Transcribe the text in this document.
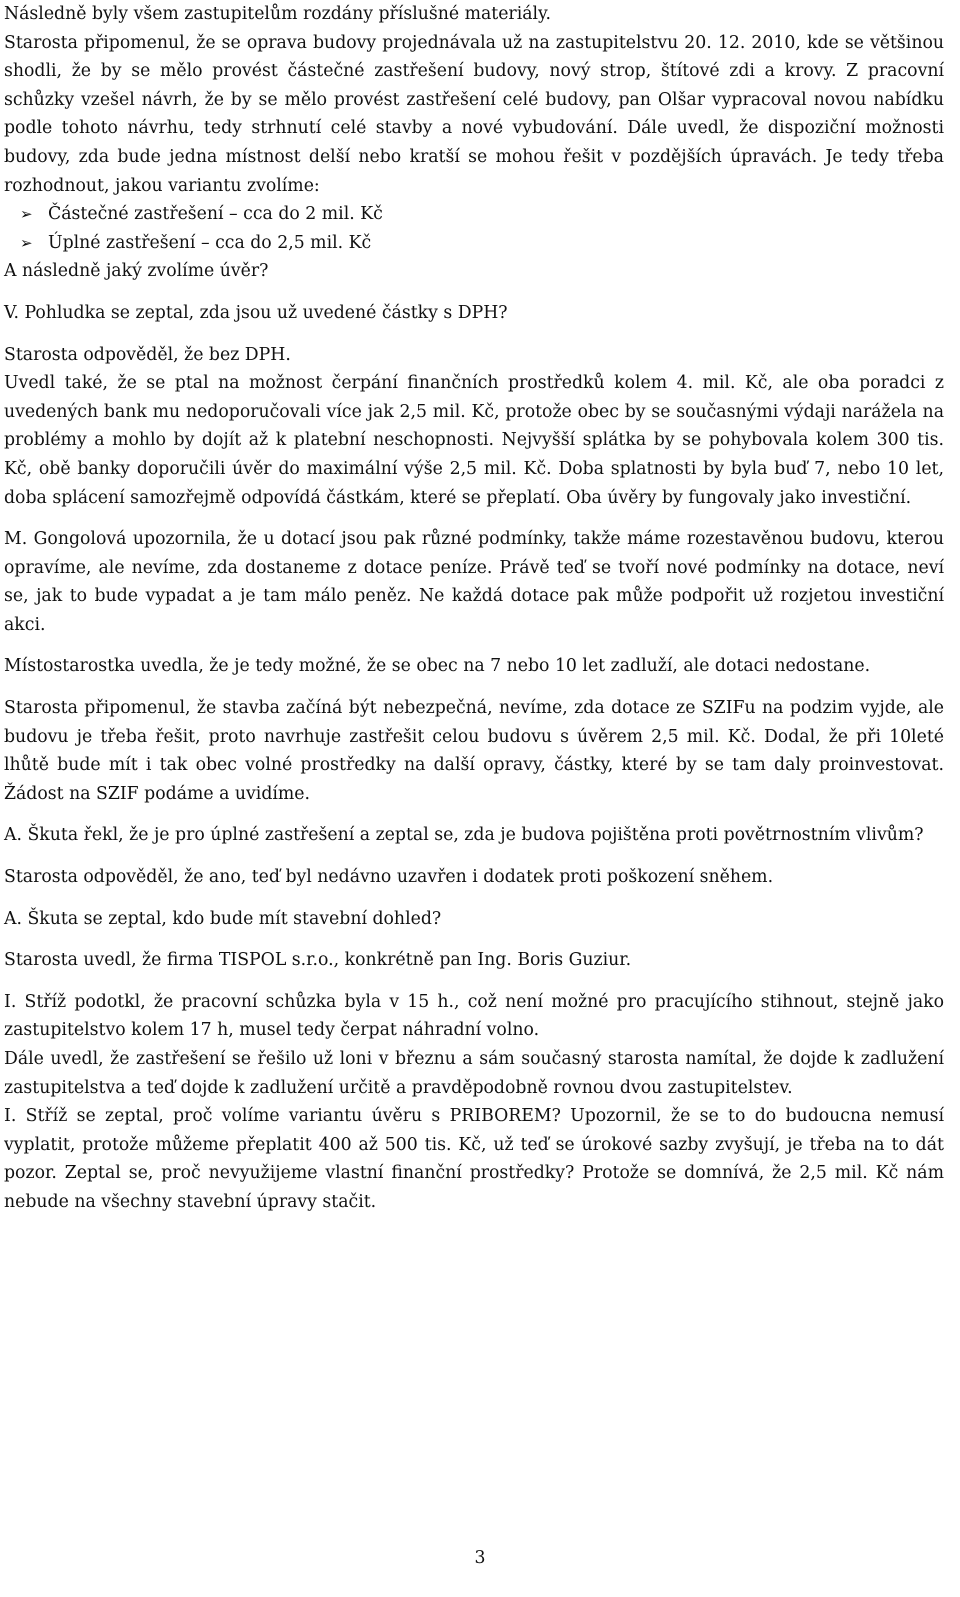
Následně byly všem zastupitelům rozdány příslušné materiály.

Starosta připomenul, že se oprava budovy projednávala už na zastupitelstvu 20. 12. 2010, kde se většinou shodli, že by se mělo provést částečné zastřešení budovy, nový strop, štítové zdi a krovy. Z pracovní schůzky vzešel návrh, že by se mělo provést zastřešení celé budovy, pan Olšar vypracoval novou nabídku podle tohoto návrhu, tedy strhnutí celé stavby a nové vybudování. Dále uvedl, že dispoziční možnosti budovy, zda bude jedna místnost delší nebo kratší se mohou řešit v pozdějších úpravách. Je tedy třeba rozhodnout, jakou variantu zvolíme:

➢ Částečné zastřešení – cca do 2 mil. Kč
➢ Úplné zastřešení – cca do 2,5 mil. Kč

A následně jaký zvolíme úvěr?

V. Pohludka se zeptal, zda jsou už uvedené částky s DPH?

Starosta odpověděl, že bez DPH.

Uvedl také, že se ptal na možnost čerpání finančních prostředků kolem 4. mil. Kč, ale oba poradci z uvedených bank mu nedoporučovali více jak 2,5 mil. Kč, protože obec by se současnými výdaji narážela na problémy a mohlo by dojít až k platební neschopnosti. Nejvyšší splátka by se pohybovala kolem 300 tis. Kč, obě banky doporučili úvěr do maximální výše 2,5 mil. Kč. Doba splatnosti by byla buď 7, nebo 10 let, doba splácení samozřejmě odpovídá částkám, které se přeplatí. Oba úvěry by fungovaly jako investiční.

M. Gongolová upozornila, že u dotací jsou pak různé podmínky, takže máme rozestavěnou budovu, kterou opravíme, ale nevíme, zda dostaneme z dotace peníze. Právě teď se tvoří nové podmínky na dotace, neví se, jak to bude vypadat a je tam málo peněz. Ne každá dotace pak může podpořit už rozjetou investiční akci.

Místostarostka uvedla, že je tedy možné, že se obec na 7 nebo 10 let zadluží, ale dotaci nedostane.

Starosta připomenul, že stavba začíná být nebezpečná, nevíme, zda dotace ze SZIFu na podzim vyjde, ale budovu je třeba řešit, proto navrhuje zastřešit celou budovu s úvěrem 2,5 mil. Kč. Dodal, že při 10leté lhůtě bude mít i tak obec volné prostředky na další opravy, částky, které by se tam daly proinvestovat. Žádost na SZIF podáme a uvidíme.

A. Škuta řekl, že je pro úplné zastřešení a zeptal se, zda je budova pojištěna proti povětrnostním vlivům?

Starosta odpověděl, že ano, teď byl nedávno uzavřen i dodatek proti poškození sněhem.

A. Škuta se zeptal, kdo bude mít stavební dohled?

Starosta uvedl, že firma TISPOL s.r.o., konkrétně pan Ing. Boris Guziur.

I. Stříž podotkl, že pracovní schůzka byla v 15 h., což není možné pro pracujícího stihnout, stejně jako zastupitelstvo kolem 17 h, musel tedy čerpat náhradní volno.

Dále uvedl, že zastřešení se řešilo už loni v březnu a sám současný starosta namítal, že dojde k zadlužení zastupitelstva a teď dojde k zadlužení určitě a pravděpodobně rovnou dvou zastupitelstev.

I. Stříž se zeptal, proč volíme variantu úvěru s PRIBOREM? Upozornil, že se to do budoucna nemusí vyplatit, protože můžeme přeplatit 400 až 500 tis. Kč, už teď se úrokové sazby zvyšují, je třeba na to dát pozor. Zeptal se, proč nevyužijeme vlastní finanční prostředky? Protože se domnívá, že 2,5 mil. Kč nám nebude na všechny stavební úpravy stačit.

3
